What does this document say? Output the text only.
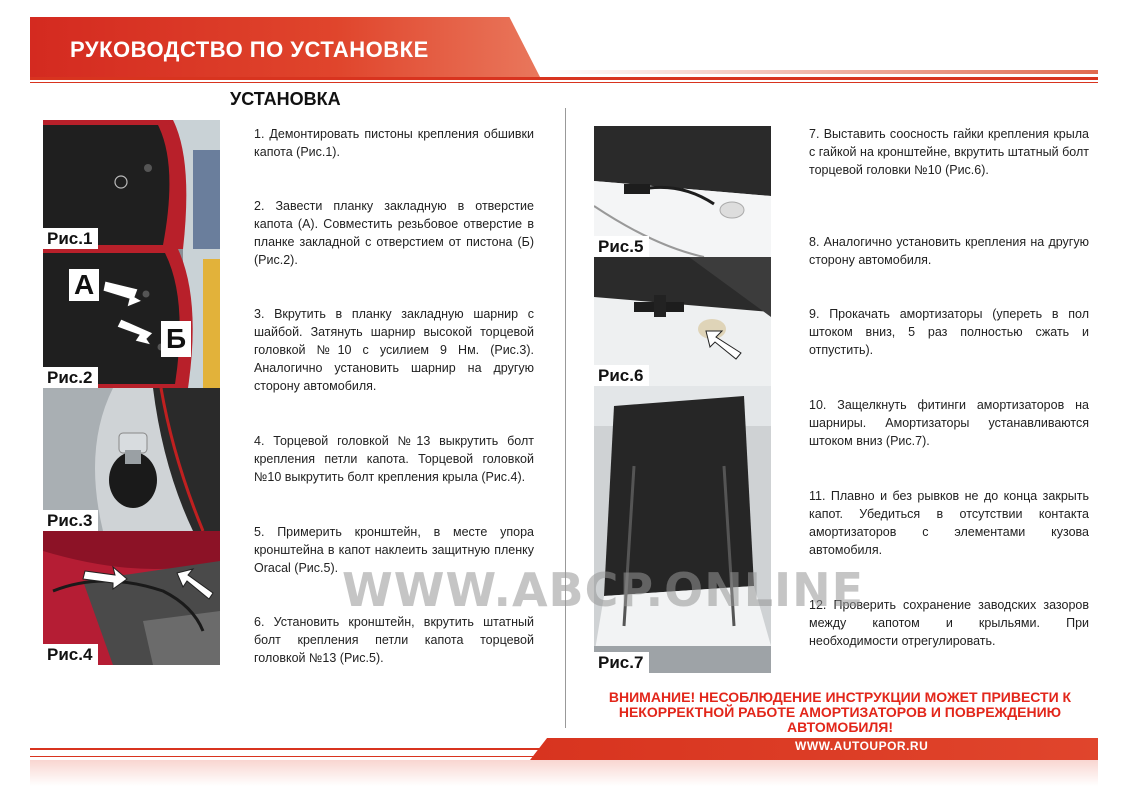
РУКОВОДСТВО ПО УСТАНОВКЕ
УСТАНОВКА
Рис.1
А
Б
Рис.2
Рис.3
Рис.4
Рис.5
Рис.6
Рис.7
1. Демонтировать пистоны крепления обшивки капота (Рис.1).
2. Завести планку закладную в отверстие капота (А). Совместить резьбовое отверстие в планке закладной с отверстием от пистона (Б) (Рис.2).
3. Вкрутить в планку закладную шарнир с шайбой. Затянуть шарнир высокой торцевой головкой №10 с усилием 9 Нм. (Рис.3). Аналогично установить шарнир на другую сторону автомобиля.
4. Торцевой головкой №13 выкрутить болт крепления петли капота. Торцевой головкой №10 выкрутить болт крепления крыла (Рис.4).
5. Примерить кронштейн, в месте упора кронштейна в капот наклеить защитную пленку Oracal (Рис.5).
6. Установить кронштейн, вкрутить штатный болт крепления петли капота торцевой головкой №13 (Рис.5).
7. Выставить соосность гайки крепления крыла с гайкой на кронштейне, вкрутить штатный болт торцевой головки №10 (Рис.6).
8. Аналогично установить крепления на другую сторону автомобиля.
9. Прокачать амортизаторы (упереть в пол штоком вниз, 5 раз полностью сжать и отпустить).
10. Защелкнуть фитинги амортизаторов на шарниры. Амортизаторы устанавливаются штоком вниз (Рис.7).
11. Плавно и без рывков не до конца закрыть капот. Убедиться в отсутствии контакта амортизаторов с элементами кузова автомобиля.
12. Проверить сохранение заводских зазоров между капотом и крыльями. При необходимости отрегулировать.
WWW.ABCP.ONLINE
ВНИМАНИЕ! НЕСОБЛЮДЕНИЕ ИНСТРУКЦИИ МОЖЕТ ПРИВЕСТИ К НЕКОРРЕКТНОЙ РАБОТЕ АМОРТИЗАТОРОВ И ПОВРЕЖДЕНИЮ АВТОМОБИЛЯ!
WWW.AUTOUPOR.RU
